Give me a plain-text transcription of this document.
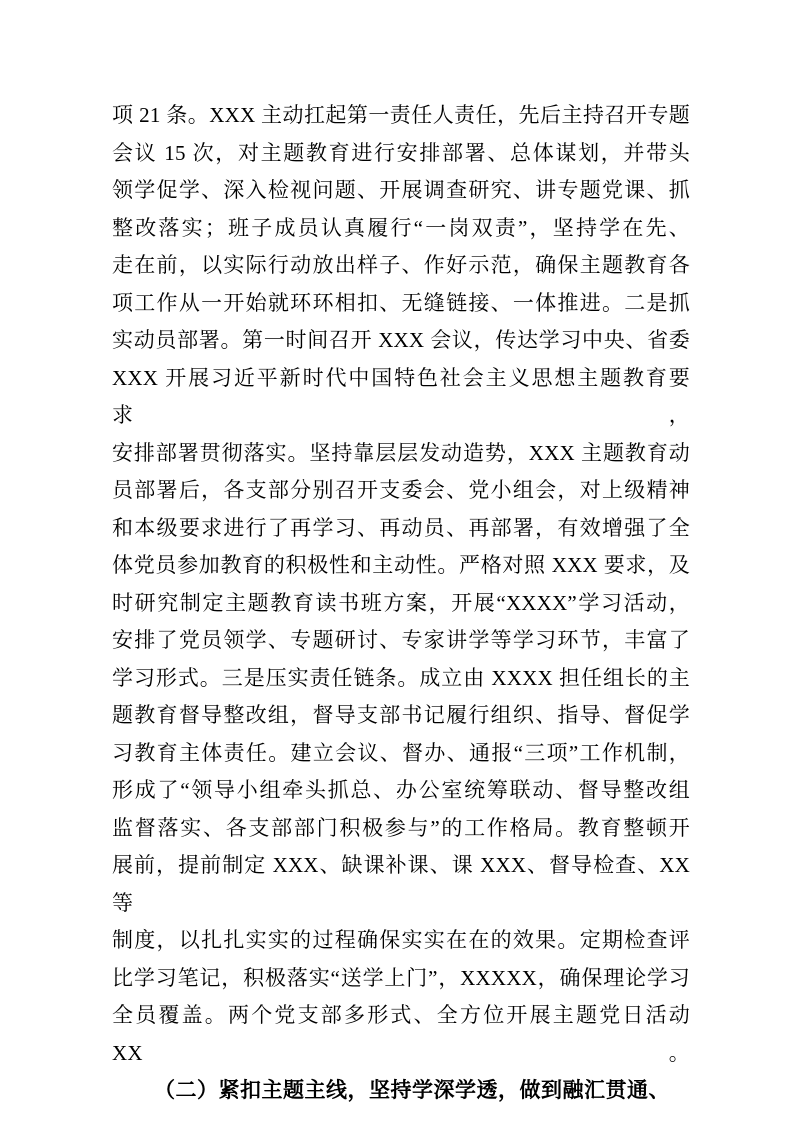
项 21 条。XXX 主动扛起第一责任人责任，先后主持召开专题
会议 15 次，对主题教育进行安排部署、总体谋划，并带头
领学促学、深入检视问题、开展调查研究、讲专题党课、抓
整改落实；班子成员认真履行“一岗双责”，坚持学在先、
走在前，以实际行动放出样子、作好示范，确保主题教育各
项工作从一开始就环环相扣、无缝链接、一体推进。二是抓
实动员部署。第一时间召开 XXX 会议，传达学习中央、省委
XXX 开展习近平新时代中国特色社会主义思想主题教育要求，
安排部署贯彻落实。坚持靠层层发动造势，XXX 主题教育动
员部署后，各支部分别召开支委会、党小组会，对上级精神
和本级要求进行了再学习、再动员、再部署，有效增强了全
体党员参加教育的积极性和主动性。严格对照 XXX 要求，及
时研究制定主题教育读书班方案，开展“XXXX”学习活动，
安排了党员领学、专题研讨、专家讲学等学习环节，丰富了
学习形式。三是压实责任链条。成立由 XXXX 担任组长的主
题教育督导整改组，督导支部书记履行组织、指导、督促学
习教育主体责任。建立会议、督办、通报“三项”工作机制，
形成了“领导小组牵头抓总、办公室统筹联动、督导整改组
监督落实、各支部部门积极参与”的工作格局。教育整顿开
展前，提前制定 XXX、缺课补课、课 XXX、督导检查、XX 等
制度，以扎扎实实的过程确保实实在在的效果。定期检查评
比学习笔记，积极落实“送学上门”，XXXXX，确保理论学习
全员覆盖。两个党支部多形式、全方位开展主题党日活动 XX。
（二）紧扣主题主线，坚持学深学透，做到融汇贯通、
